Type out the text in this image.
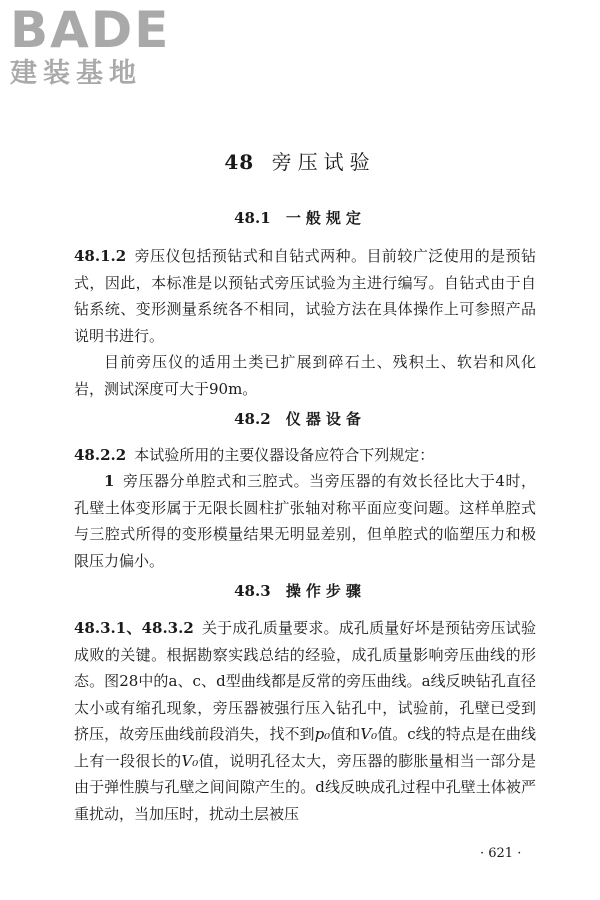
BADE
建装基地
48 旁压试验
48.1 一般规定
48.1.2 旁压仪包括预钻式和自钻式两种。目前较广泛使用的是预钻式，因此，本标准是以预钻式旁压试验为主进行编写。自钻式由于自钻系统、变形测量系统各不相同，试验方法在具体操作上可参照产品说明书进行。
目前旁压仪的适用土类已扩展到碎石土、残积土、软岩和风化岩，测试深度可大于90m。
48.2 仪器设备
48.2.2 本试验所用的主要仪器设备应符合下列规定：
1 旁压器分单腔式和三腔式。当旁压器的有效长径比大于4时，孔壁土体变形属于无限长圆柱扩张轴对称平面应变问题。这样单腔式与三腔式所得的变形模量结果无明显差别，但单腔式的临塑压力和极限压力偏小。
48.3 操作步骤
48.3.1、48.3.2 关于成孔质量要求。成孔质量好坏是预钻旁压试验成败的关键。根据勘察实践总结的经验，成孔质量影响旁压曲线的形态。图28中的a、c、d型曲线都是反常的旁压曲线。a线反映钻孔直径太小或有缩孔现象，旁压器被强行压入钻孔中，试验前，孔壁已受到挤压，故旁压曲线前段消失，找不到p₀值和V₀值。c线的特点是在曲线上有一段很长的V₀值，说明孔径太大，旁压器的膨胀量相当一部分是由于弹性膜与孔壁之间间隙产生的。d线反映成孔过程中孔壁土体被严重扰动，当加压时，扰动土层被压
· 621 ·
